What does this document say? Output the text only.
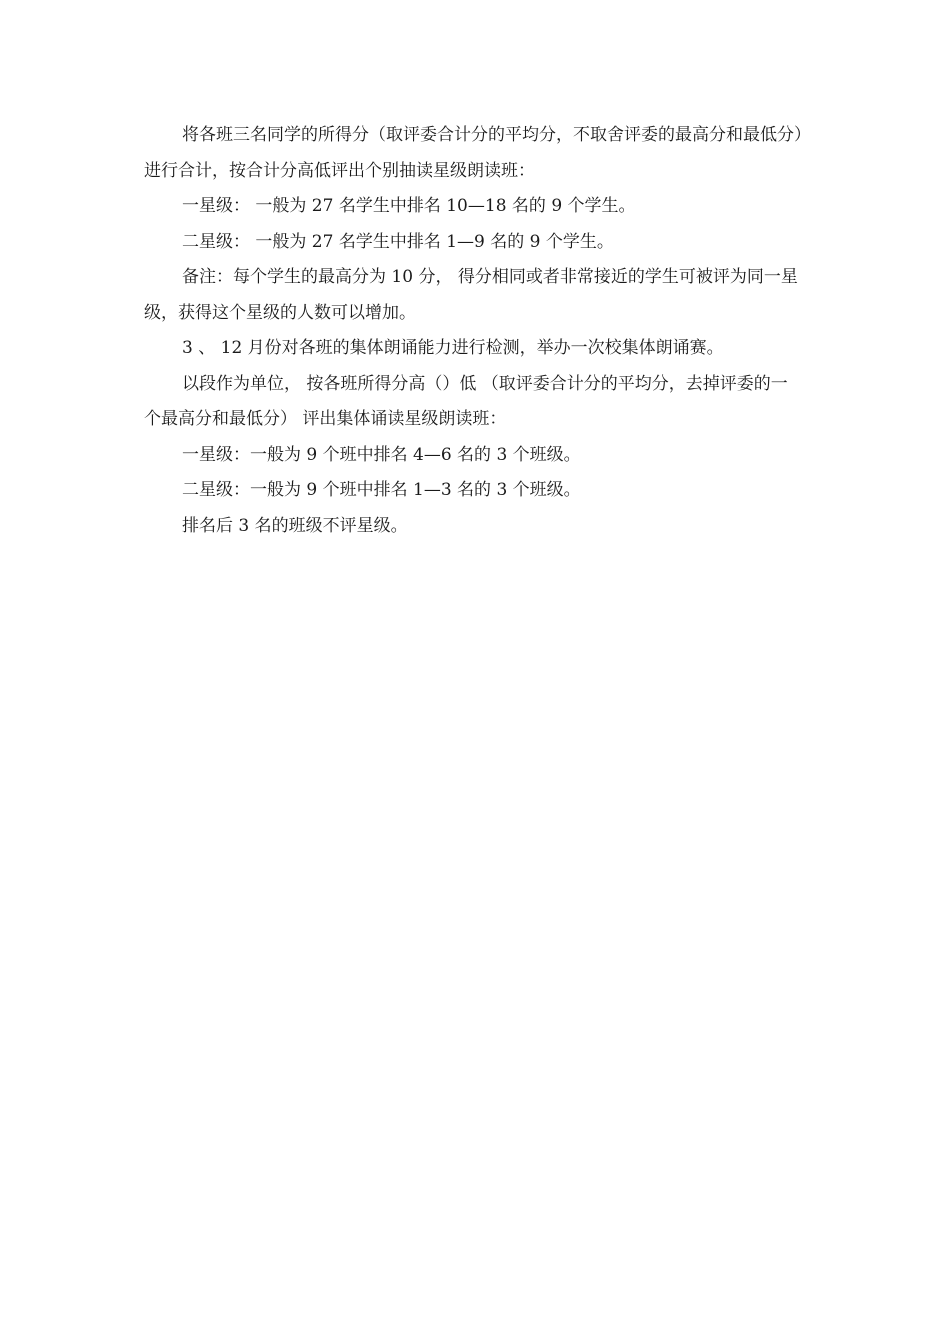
将各班三名同学的所得分（取评委合计分的平均分，不取舍评委的最高分和最低分）进行合计，按合计分高低评出个别抽读星级朗读班：

一星级： 一般为 27 名学生中排名 10—18 名的 9 个学生。

二星级： 一般为 27 名学生中排名 1—9 名的 9 个学生。

备注：每个学生的最高分为 10 分， 得分相同或者非常接近的学生可被评为同一星级，获得这个星级的人数可以增加。

3 、 12 月份对各班的集体朗诵能力进行检测，举办一次校集体朗诵赛。

以段作为单位， 按各班所得分高（）低 （取评委合计分的平均分，去掉评委的一个最高分和最低分） 评出集体诵读星级朗读班：

一星级：一般为 9 个班中排名 4—6 名的 3 个班级。

二星级：一般为 9 个班中排名 1—3 名的 3 个班级。

排名后 3 名的班级不评星级。
